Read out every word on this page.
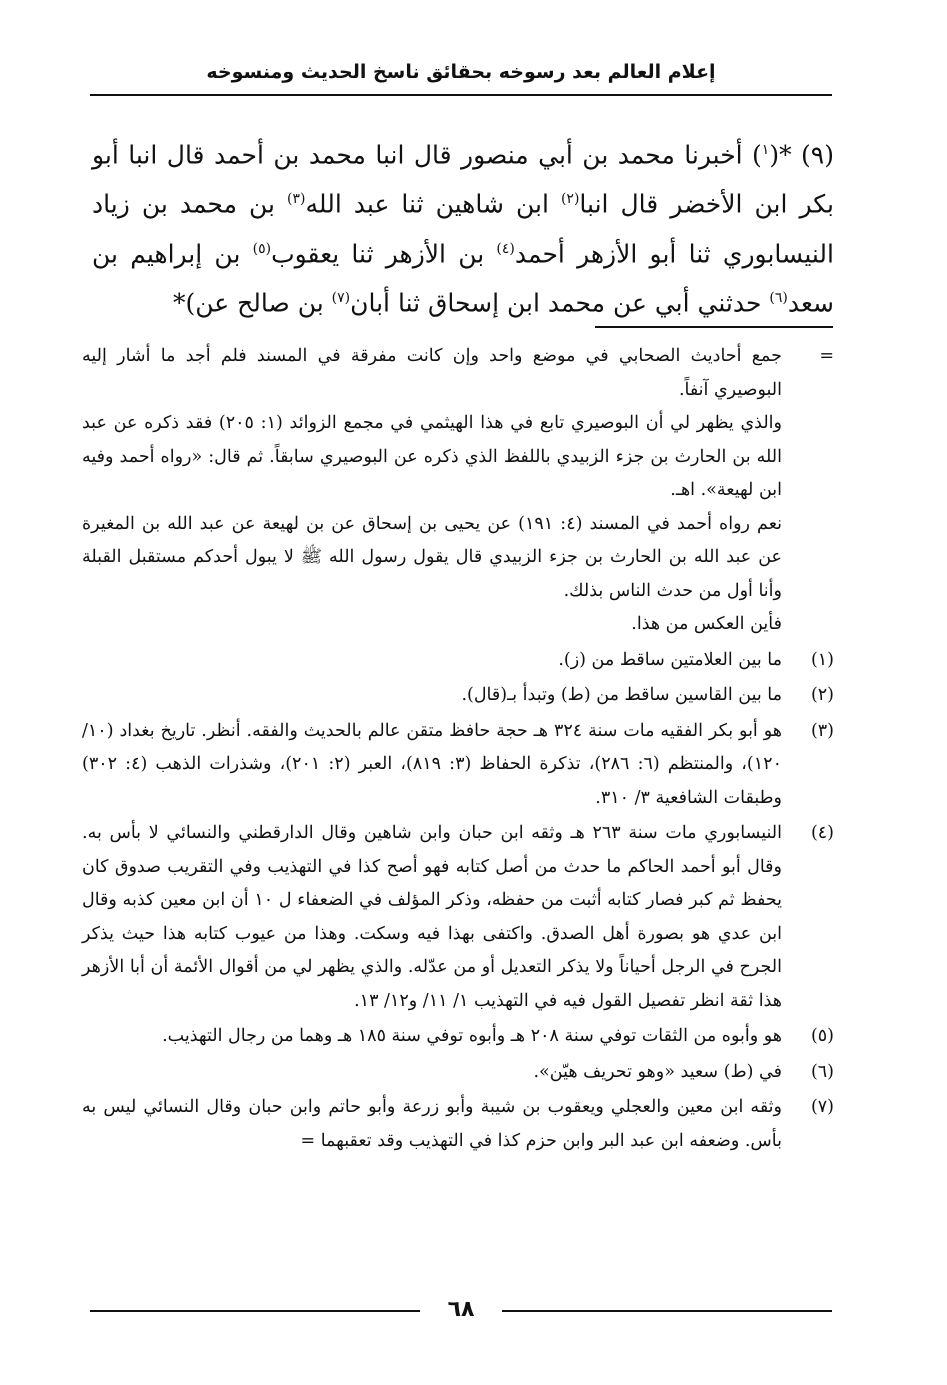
إعلام العالم بعد رسوخه بحقائق ناسخ الحديث ومنسوخه
(٩) *($^١$) أخبرنا محمد بن أبي منصور قال انبا محمد بن أحمد قال انبا أبو بكر ابن الأخضر قال انبا$^{(٢)}$ ابن شاهين ثنا عبد الله$^{(٣)}$ بن محمد بن زياد النيسابوري ثنا أبو الأزهر أحمد$^{(٤)}$ بن الأزهر ثنا يعقوب$^{(٥)}$ بن إبراهيم بن سعد$^{(٦)}$ حدثني أبي عن محمد ابن إسحاق ثنا أبان$^{(٧)}$ بن صالح عن)*
=
جمع أحاديث الصحابي في موضع واحد وإن كانت مفرقة في المسند فلم أجد ما أشار إليه البوصيري آنفاً.
والذي يظهر لي أن البوصيري تابع في هذا الهيثمي في مجمع الزوائد (١: ٢٠٥) فقد ذكره عن عبد الله بن الحارث بن جزء الزبيدي باللفظ الذي ذكره عن البوصيري سابقاً. ثم قال: «رواه أحمد وفيه ابن لهيعة». اهـ.
نعم رواه أحمد في المسند (٤: ١٩١) عن يحيى بن إسحاق عن بن لهيعة عن عبد الله بن المغيرة عن عبد الله بن الحارث بن جزء الزبيدي قال يقول رسول الله ﷺ لا يبول أحدكم مستقبل القبلة وأنا أول من حدث الناس بذلك.
فأين العكس من هذا.
(١)
ما بين العلامتين ساقط من (ز).
(٢)
ما بين القاسين ساقط من (ط) وتبدأ بـ(قال).
(٣)
هو أبو بكر الفقيه مات سنة ٣٢٤ هـ حجة حافظ متقن عالم بالحديث والفقه. أنظر. تاريخ بغداد (١٠/ ١٢٠)، والمنتظم (٦: ٢٨٦)، تذكرة الحفاظ (٣: ٨١٩)، العبر (٢: ٢٠١)، وشذرات الذهب (٤: ٣٠٢) وطبقات الشافعية ٣/ ٣١٠.
(٤)
النيسابوري مات سنة ٢٦٣ هـ وثقه ابن حبان وابن شاهين وقال الدارقطني والنسائي لا بأس به. وقال أبو أحمد الحاكم ما حدث من أصل كتابه فهو أصح كذا في التهذيب وفي التقريب صدوق كان يحفظ ثم كبر فصار كتابه أثبت من حفظه، وذكر المؤلف في الضعفاء ل ١٠ أن ابن معين كذبه وقال ابن عدي هو بصورة أهل الصدق. واكتفى بهذا فيه وسكت. وهذا من عيوب كتابه هذا حيث يذكر الجرح في الرجل أحياناً ولا يذكر التعديل أو من عدّله. والذي يظهر لي من أقوال الأئمة أن أبا الأزهر هذا ثقة انظر تفصيل القول فيه في التهذيب ١/ ١١/ و١٢/ ١٣.
(٥)
هو وأبوه من الثقات توفي سنة ٢٠٨ هـ وأبوه توفي سنة ١٨٥ هـ وهما من رجال التهذيب.
(٦)
في (ط) سعيد «وهو تحريف هيّن».
(٧)
وثقه ابن معين والعجلي ويعقوب بن شيبة وأبو زرعة وأبو حاتم وابن حبان وقال النسائي ليس به بأس. وضعفه ابن عبد البر وابن حزم كذا في التهذيب وقد تعقبهما =
٦٨
